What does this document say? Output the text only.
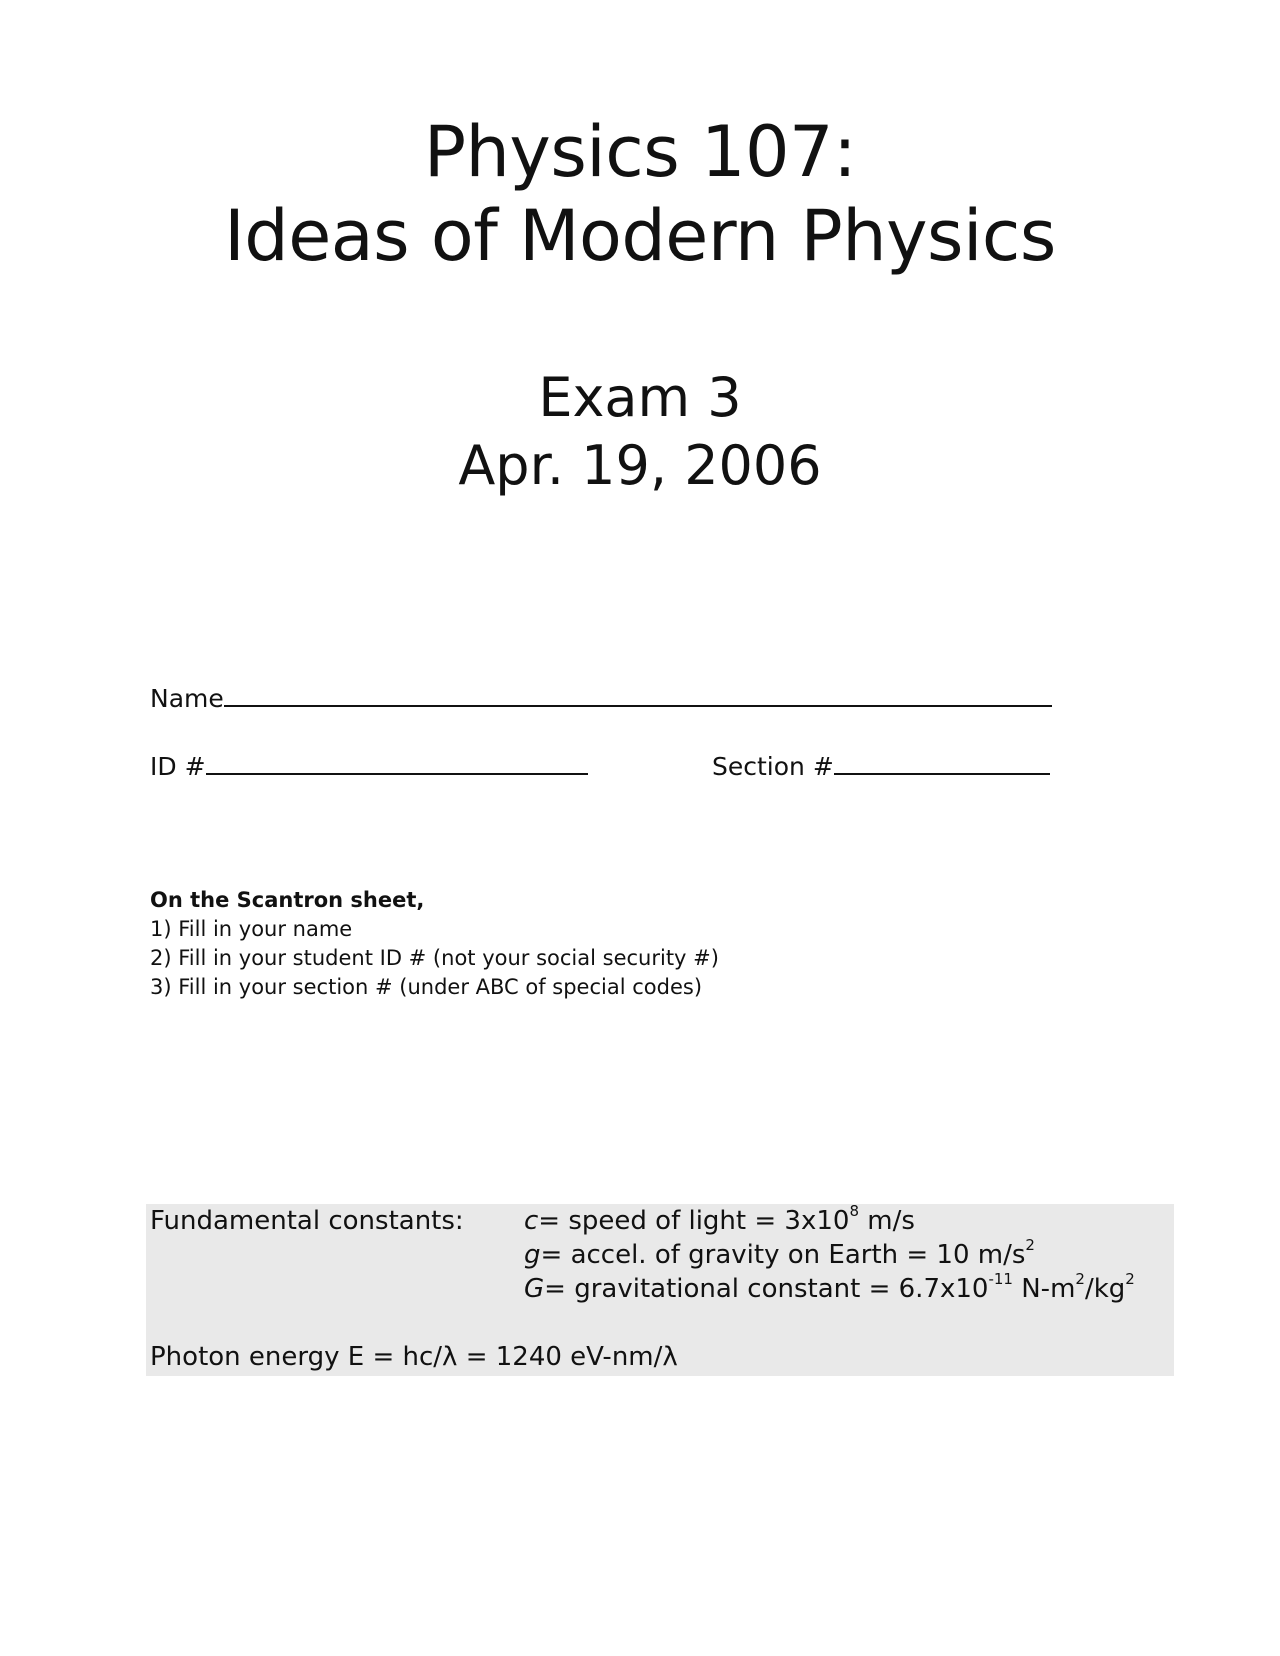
Physics 107:
Ideas of Modern Physics
Exam 3
Apr. 19, 2006
Name
ID #	Section #
On the Scantron sheet,
1) Fill in your name
2) Fill in your student ID # (not your social security #)
3) Fill in your section # (under ABC of special codes)
Fundamental constants: c= speed of light = $3x10^8$ m/s
g= accel. of gravity on Earth = 10 $m/s^2$
G= gravitational constant = $6.7x10^{-11}$ $N-m^2/kg^2$
Photon energy E = hc/λ = 1240 eV-nm/λ
